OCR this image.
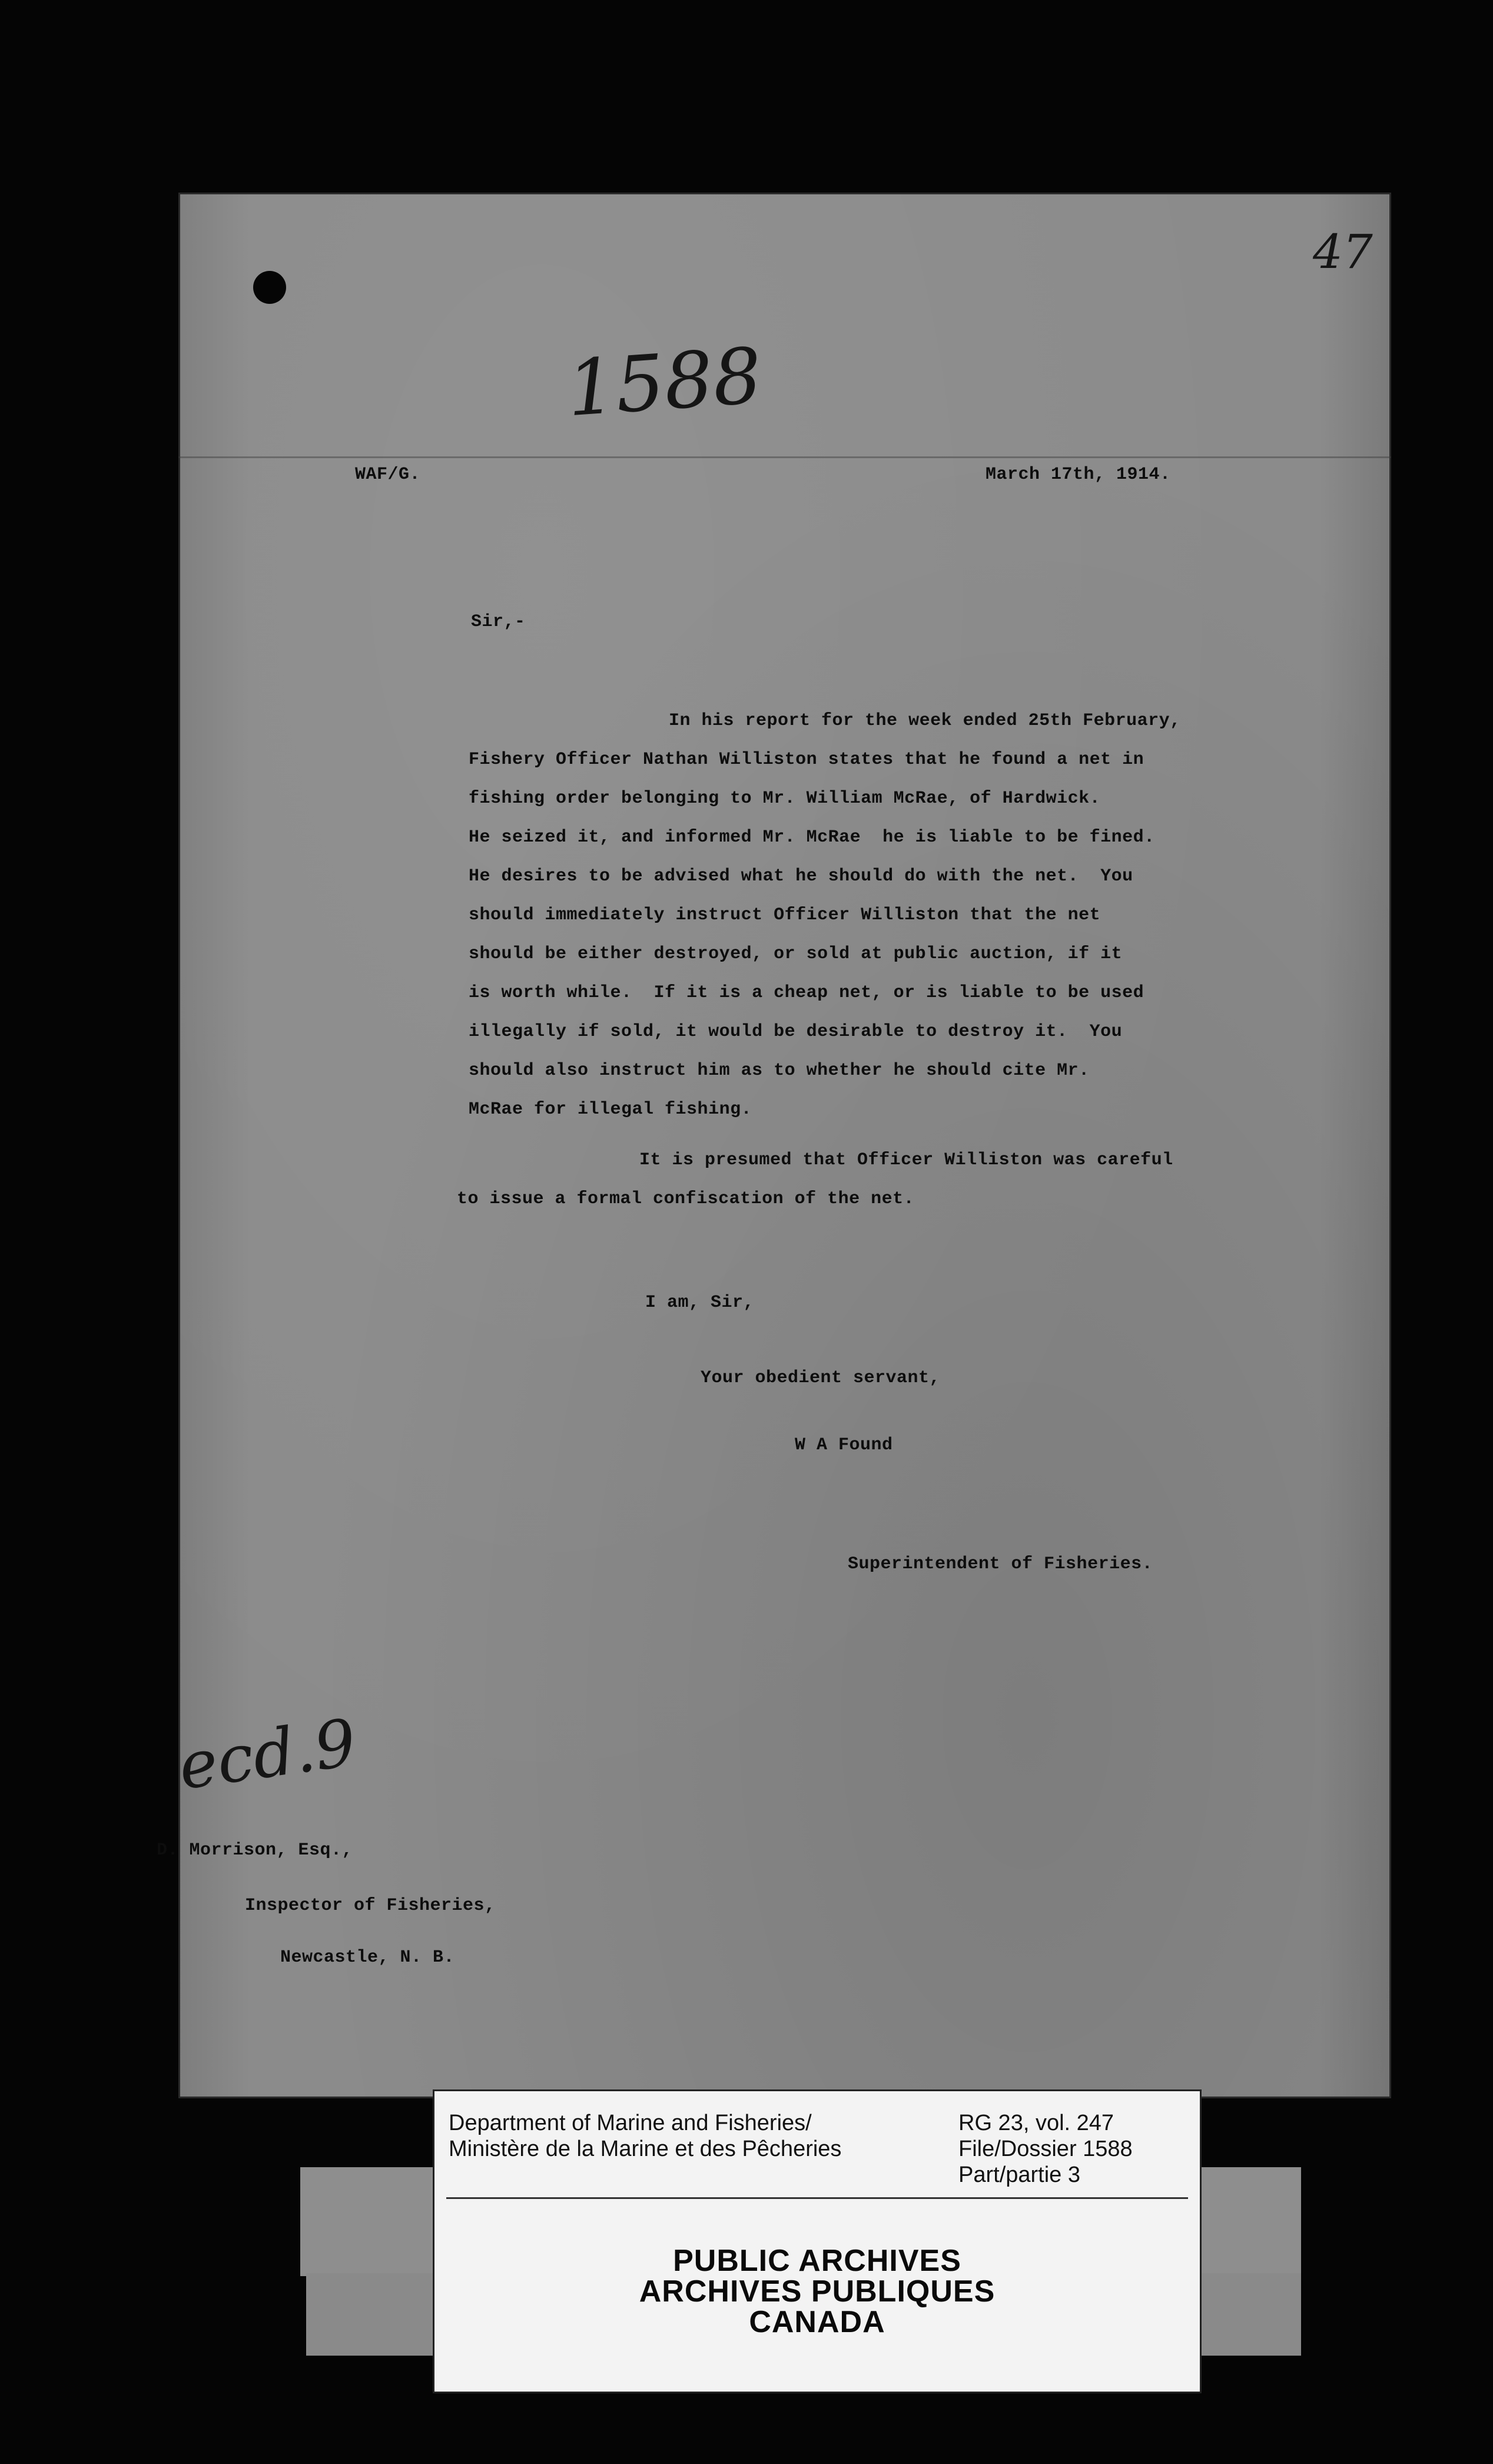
47
1588
WAF/G.	March 17th, 1914.
Sir,-
In his report for the week ended 25th February,
Fishery Officer Nathan Williston states that he found a net in
fishing order belonging to Mr. William McRae, of Hardwick.
He seized it, and informed Mr. McRae  he is liable to be fined.
He desires to be advised what he should do with the net.  You
should immediately instruct Officer Williston that the net
should be either destroyed, or sold at public auction, if it
is worth while.  If it is a cheap net, or is liable to be used
illegally if sold, it would be desirable to destroy it.  You
should also instruct him as to whether he should cite Mr.
McRae for illegal fishing.
It is presumed that Officer Williston was careful
to issue a formal confiscation of the net.
I am, Sir,
Your obedient servant,
W A Found
Superintendent of Fisheries.
ecd.9
D. Morrison, Esq.,
Inspector of Fisheries,
Newcastle, N. B.
Department of Marine and Fisheries/
Ministère de la Marine et des Pêcheries
RG 23, vol. 247
File/Dossier 1588
Part/partie 3
PUBLIC ARCHIVES
ARCHIVES PUBLIQUES
CANADA
